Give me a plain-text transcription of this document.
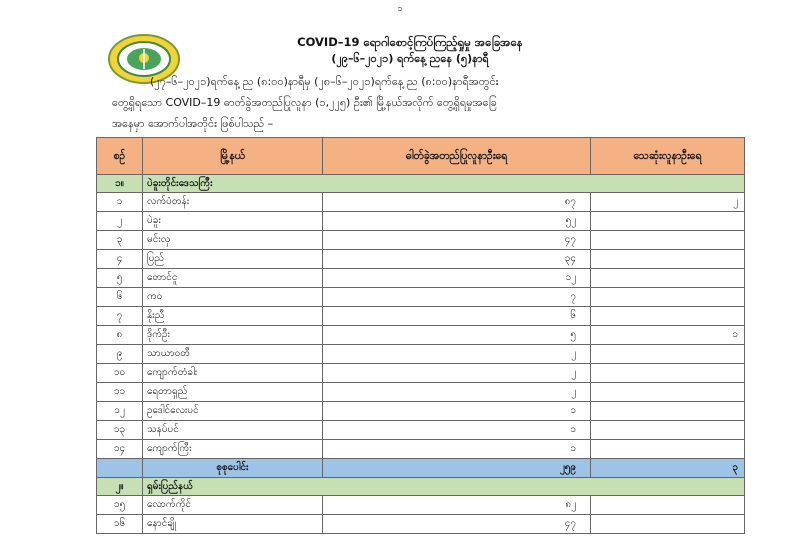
၁
COVID–19 ရောဂါစောင့်ကြပ်ကြည့်ရှုမှု အခြေအနေ
(၂၉–၆–၂၀၂၁) ရက်နေ့ ညနေ (၅)နာရီ
(၂၇–၆–၂၀၂၁)ရက်နေ့ ည (၈:၀၀)နာရီမှ (၂၈–၆–၂၀၂၁)ရက်နေ့ ည (၈:၀၀)နာရီအတွင်း
တွေ့ရှိရသော COVID–19 ဓာတ်ခွဲအတည်ပြုလူနာ (၁,၂၂၅) ဦး၏ မြို့နယ်အလိုက် တွေ့ရှိရမှုအခြေ
အနေမှာ အောက်ပါအတိုင်း ဖြစ်ပါသည် –
စဉ်	မြို့နယ်	ဓါတ်ခွဲအတည်ပြုလူနာဦးရေ	သေဆုံးလူနာဦးရေ
၁။	ပဲခူးတိုင်းဒေသကြီး		
၁	လက်ပံတန်း	၈၇	၂
၂	ပဲခူး	၅၂	
၃	မင်းလှ	၄၇	
၄	ပြည်	၃၄	
၅	တောင်ငူ	၁၂	
၆	ကဝ	၇	
၇	နိုးညီ	၆	
၈	ဒိုက်ဦး	၅	၁
၉	သာယာဝတီ	၂	
၁၀	ကျောက်တံခါး	၂	
၁၁	ရေတာရှည်	၂	
၁၂	ဥဒေါင်လေးပင်	၁	
၁၃	သနပ်ပင်	၁	
၁၄	ကျောက်ကြီး	၁	
	စုစုပေါင်း	၂၅၉	၃
၂။	ရှမ်းပြည်နယ်		
၁၅	လောက်ကိုင်	၈၂	
၁၆	နောင်ချို	၄၇	
